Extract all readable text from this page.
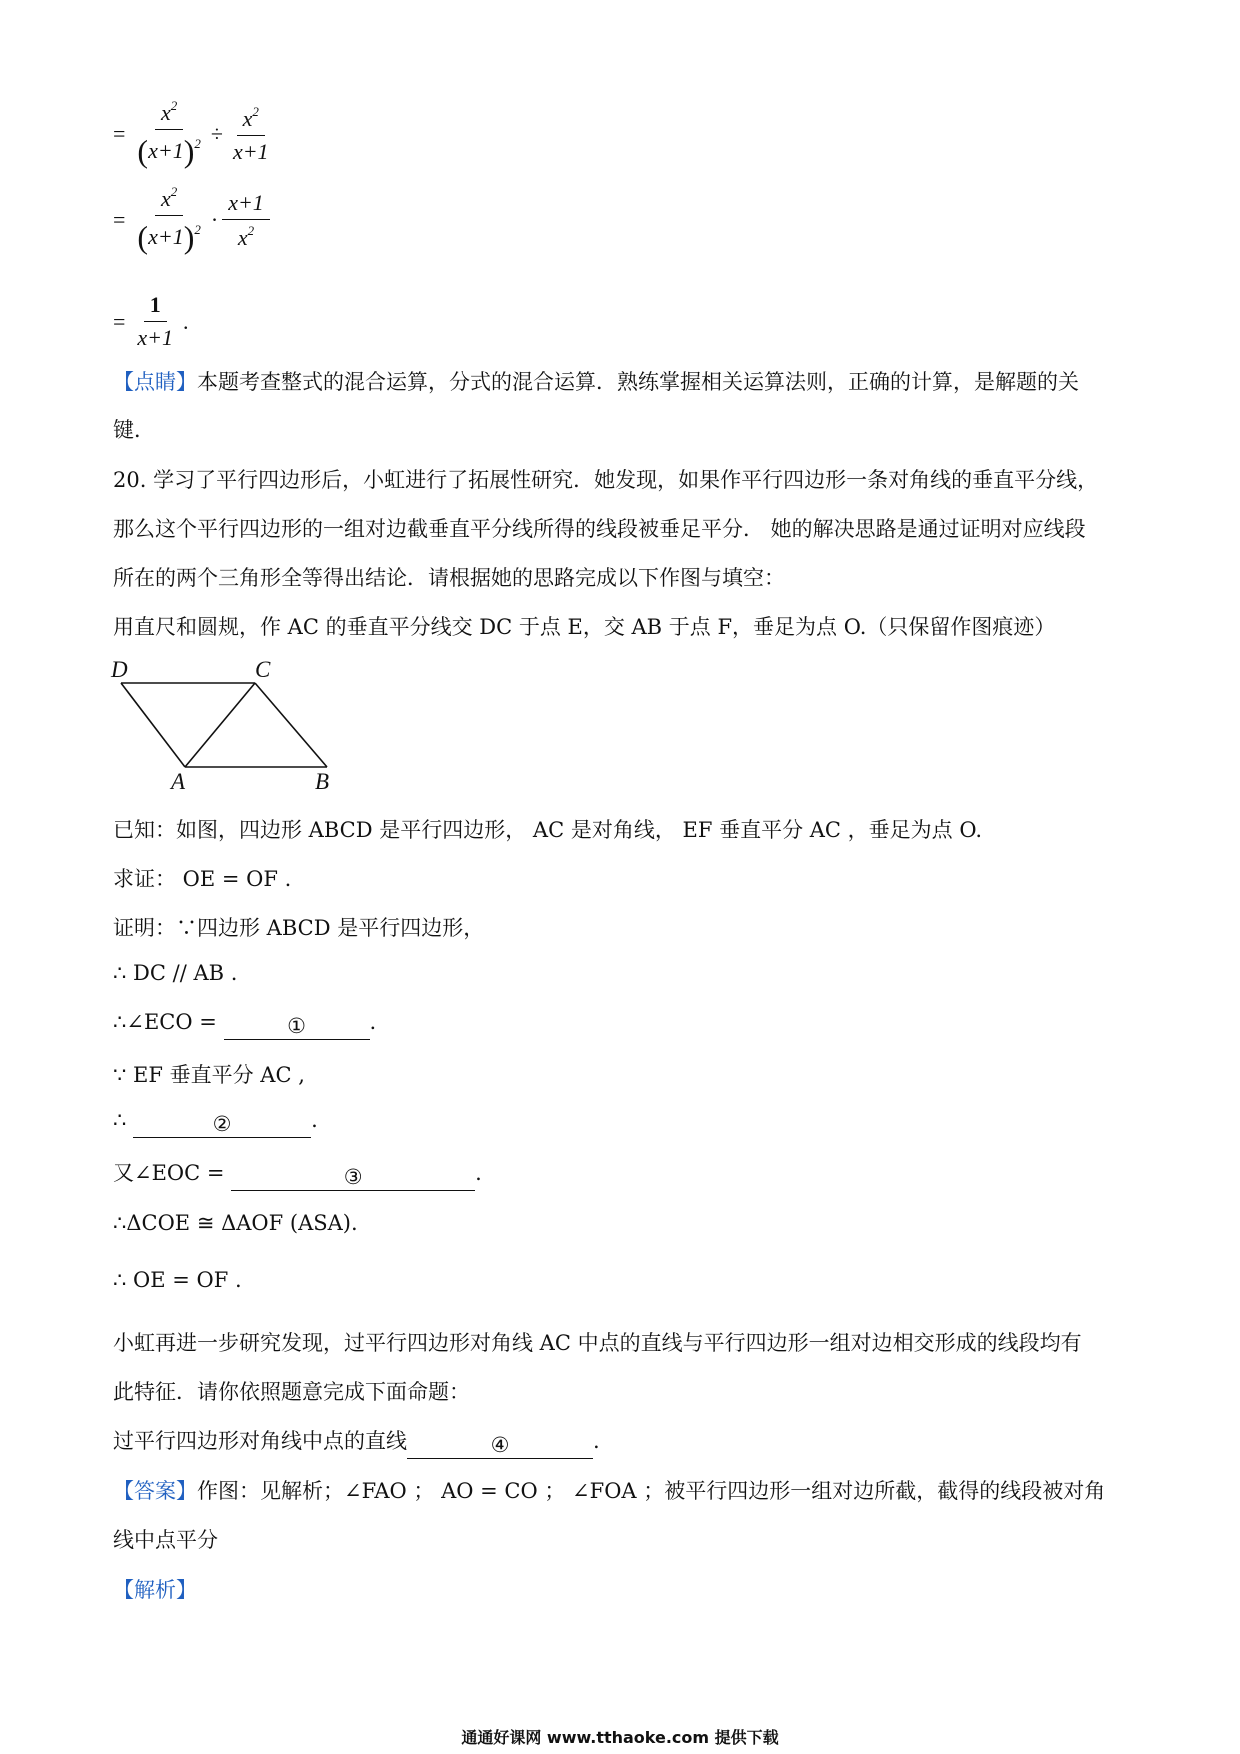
= $\frac{x^2}{(x+1)^2} \div \frac{x^2}{x+1}$
= $\frac{x^2}{(x+1)^2} \cdot \frac{x+1}{x^2}$
= $\frac{1}{x+1}$ .
【点睛】本题考查整式的混合运算，分式的混合运算．熟练掌握相关运算法则，正确的计算，是解题的关
键．
20. 学习了平行四边形后，小虹进行了拓展性研究．她发现，如果作平行四边形一条对角线的垂直平分线，
那么这个平行四边形的一组对边截垂直平分线所得的线段被垂足平分． 她的解决思路是通过证明对应线段
所在的两个三角形全等得出结论．请根据她的思路完成以下作图与填空：
用直尺和圆规，作 AC 的垂直平分线交 DC 于点 E，交 AB 于点 F，垂足为点 O.（只保留作图痕迹）
D	C
A	B
已知：如图，四边形 ABCD 是平行四边形， AC 是对角线， EF 垂直平分 AC ，垂足为点 O.
求证： OE = OF .
证明：∵四边形 ABCD 是平行四边形，
∴ DC // AB .
∴∠ECO =	①	.
∵ EF 垂直平分 AC ,
∴	②	.
又∠EOC =	③	.
∴ΔCOE ≅ ΔAOF (ASA).
∴ OE = OF .
小虹再进一步研究发现，过平行四边形对角线 AC 中点的直线与平行四边形一组对边相交形成的线段均有
此特征．请你依照题意完成下面命题：
过平行四边形对角线中点的直线	④	.
【答案】作图：见解析；∠FAO ； AO = CO ； ∠FOA ；被平行四边形一组对边所截，截得的线段被对角
线中点平分
【解析】
通通好课网 www.tthaoke.com 提供下载
